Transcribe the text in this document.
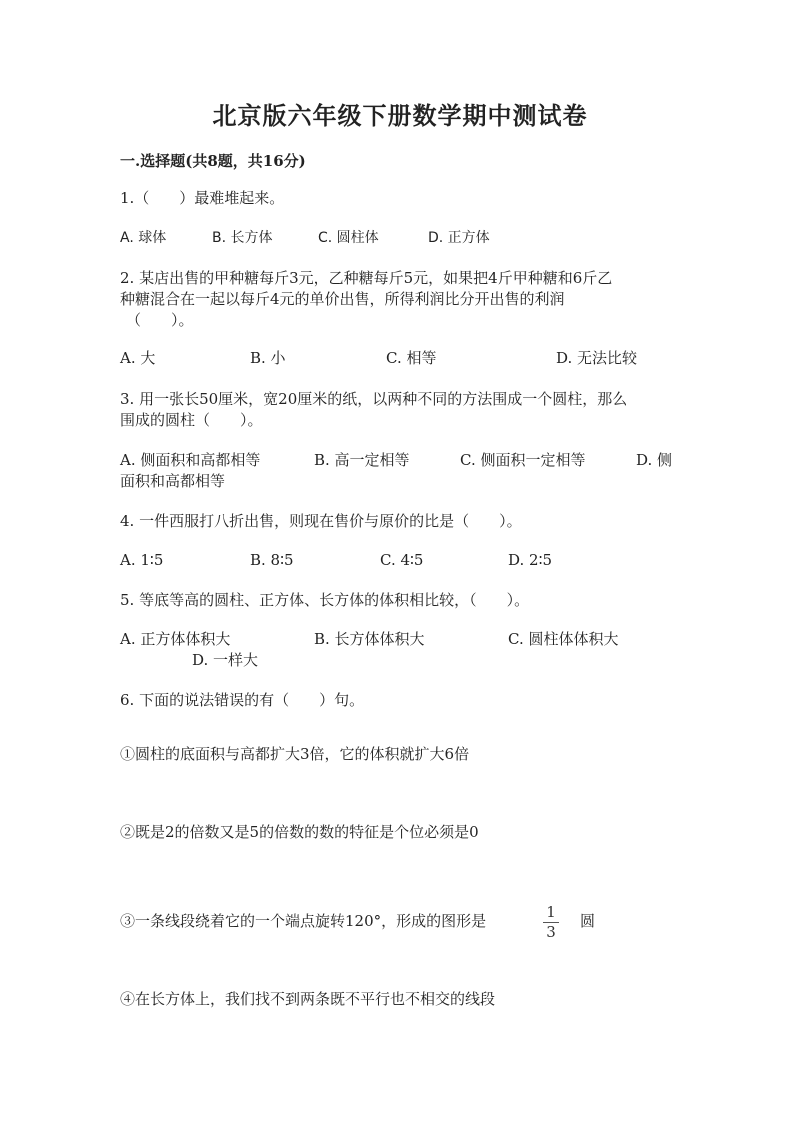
北京版六年级下册数学期中测试卷
一.选择题(共8题，共16分)
1.（　　）最难堆起来。
A. 球体	B. 长方体	C. 圆柱体	D. 正方体
2. 某店出售的甲种糖每斤3元，乙种糖每斤5元，如果把4斤甲种糖和6斤乙
种糖混合在一起以每斤4元的单价出售，所得利润比分开出售的利润
（　　）。
A. 大	B. 小	C. 相等	D. 无法比较
3. 用一张长50厘米，宽20厘米的纸，以两种不同的方法围成一个圆柱，那么
围成的圆柱（　　）。
A. 侧面积和高都相等	B. 高一定相等	C. 侧面积一定相等	D. 侧
面积和高都相等
4. 一件西服打八折出售，则现在售价与原价的比是（　　）。
A. 1∶5	B. 8∶5	C. 4∶5	D. 2∶5
5. 等底等高的圆柱、正方体、长方体的体积相比较，（　　）。
A. 正方体体积大	B. 长方体体积大	C. 圆柱体体积大
D. 一样大
6. 下面的说法错误的有（　　）句。
①圆柱的底面积与高都扩大3倍，它的体积就扩大6倍
②既是2的倍数又是5的倍数的数的特征是个位必须是0
③一条线段绕着它的一个端点旋转120°，形成的图形是	1
3
圆
④在长方体上，我们找不到两条既不平行也不相交的线段
